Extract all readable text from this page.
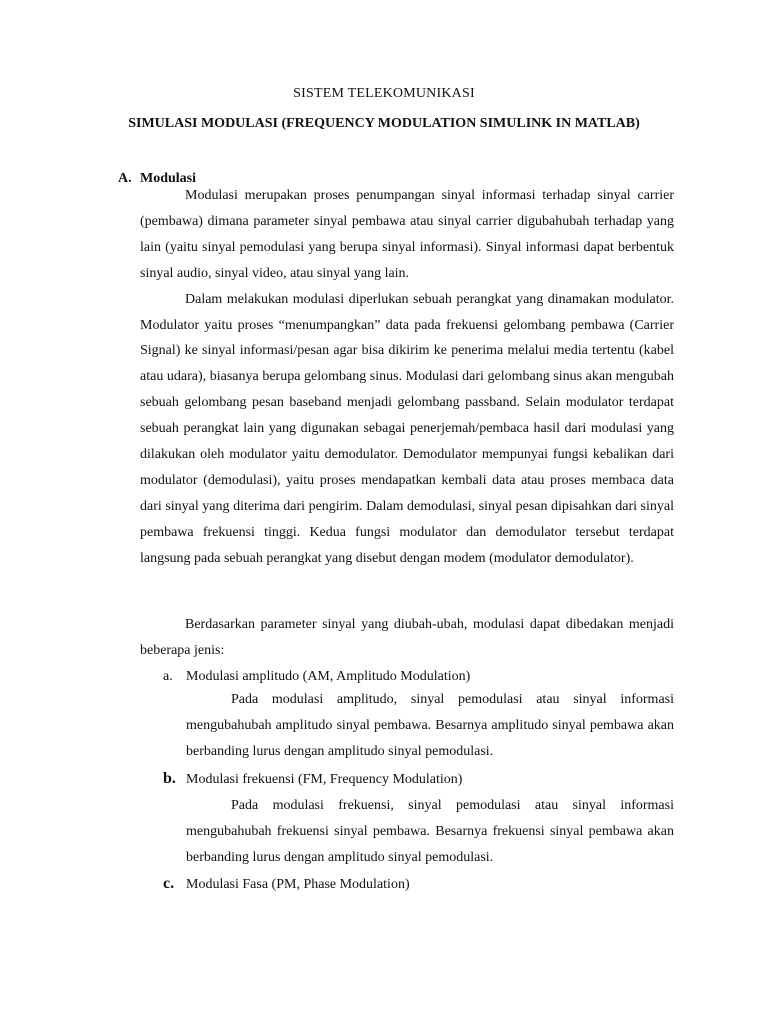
SISTEM TELEKOMUNIKASI
SIMULASI MODULASI (FREQUENCY MODULATION SIMULINK IN MATLAB)
A. Modulasi

Modulasi merupakan proses penumpangan sinyal informasi terhadap sinyal carrier (pembawa) dimana parameter sinyal pembawa atau sinyal carrier digubahubah terhadap yang lain (yaitu sinyal pemodulasi yang berupa sinyal informasi). Sinyal informasi dapat berbentuk sinyal audio, sinyal video, atau sinyal yang lain.

Dalam melakukan modulasi diperlukan sebuah perangkat yang dinamakan modulator. Modulator yaitu proses “menumpangkan” data pada frekuensi gelombang pembawa (Carrier Signal) ke sinyal informasi/pesan agar bisa dikirim ke penerima melalui media tertentu (kabel atau udara), biasanya berupa gelombang sinus. Modulasi dari gelombang sinus akan mengubah sebuah gelombang pesan baseband menjadi gelombang passband. Selain modulator terdapat sebuah perangkat lain yang digunakan sebagai penerjemah/pembaca hasil dari modulasi yang dilakukan oleh modulator yaitu demodulator. Demodulator mempunyai fungsi kebalikan dari modulator (demodulasi), yaitu proses mendapatkan kembali data atau proses membaca data dari sinyal yang diterima dari pengirim. Dalam demodulasi, sinyal pesan dipisahkan dari sinyal pembawa frekuensi tinggi. Kedua fungsi modulator dan demodulator tersebut terdapat langsung pada sebuah perangkat yang disebut dengan modem (modulator demodulator).

Berdasarkan parameter sinyal yang diubah-ubah, modulasi dapat dibedakan menjadi beberapa jenis:

a. Modulasi amplitudo (AM, Amplitudo Modulation)

Pada modulasi amplitudo, sinyal pemodulasi atau sinyal informasi mengubahubah amplitudo sinyal pembawa. Besarnya amplitudo sinyal pembawa akan berbanding lurus dengan amplitudo sinyal pemodulasi.

b. Modulasi frekuensi (FM, Frequency Modulation)

Pada modulasi frekuensi, sinyal pemodulasi atau sinyal informasi mengubahubah frekuensi sinyal pembawa. Besarnya frekuensi sinyal pembawa akan berbanding lurus dengan amplitudo sinyal pemodulasi.

c. Modulasi Fasa (PM, Phase Modulation)
